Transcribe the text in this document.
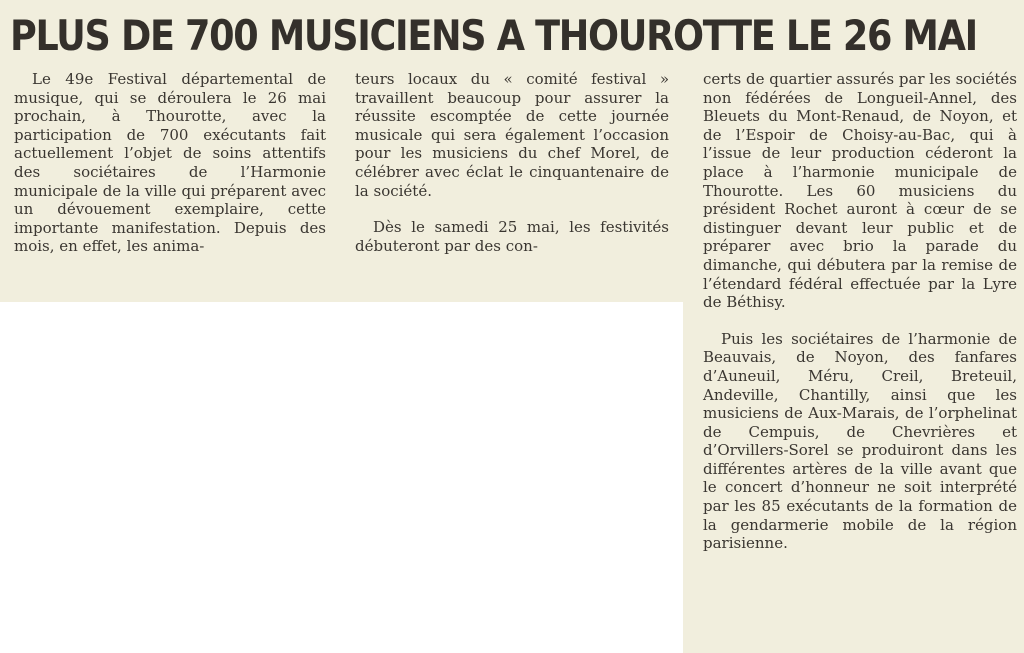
PLUS DE 700 MUSICIENS A THOUROTTE LE 26 MAI

Le 49e Festival départemental de musique, qui se déroulera le 26 mai prochain, à Thourotte, avec la participation de 700 exécutants fait actuellement l’objet de soins attentifs des sociétaires de l’Harmonie municipale de la ville qui préparent avec un dévouement exemplaire, cette importante manifestation. Depuis des mois, en effet, les anima-

teurs locaux du « comité festival » travaillent beaucoup pour assurer la réussite escomptée de cette journée musicale qui sera également l’occasion pour les musiciens du chef Morel, de célébrer avec éclat le cinquantenaire de la société.

Dès le samedi 25 mai, les festivités débuteront par des con-

certs de quartier assurés par les sociétés non fédérées de Longueil-Annel, des Bleuets du Mont-Renaud, de Noyon, et de l’Espoir de Choisy-au-Bac, qui à l’issue de leur production céderont la place à l’harmonie municipale de Thourotte. Les 60 musiciens du président Rochet auront à cœur de se distinguer devant leur public et de préparer avec brio la parade du dimanche, qui débutera par la remise de l’étendard fédéral effectuée par la Lyre de Béthisy.

Puis les sociétaires de l’harmonie de Beauvais, de Noyon, des fanfares d’Auneuil, Méru, Creil, Breteuil, Andeville, Chantilly, ainsi que les musiciens de Aux-Marais, de l’orphelinat de Cempuis, de Chevrières et d’Orvillers-Sorel se produiront dans les différentes artères de la ville avant que le concert d’honneur ne soit interprété par les 85 exécutants de la formation de la gendarmerie mobile de la région parisienne.
